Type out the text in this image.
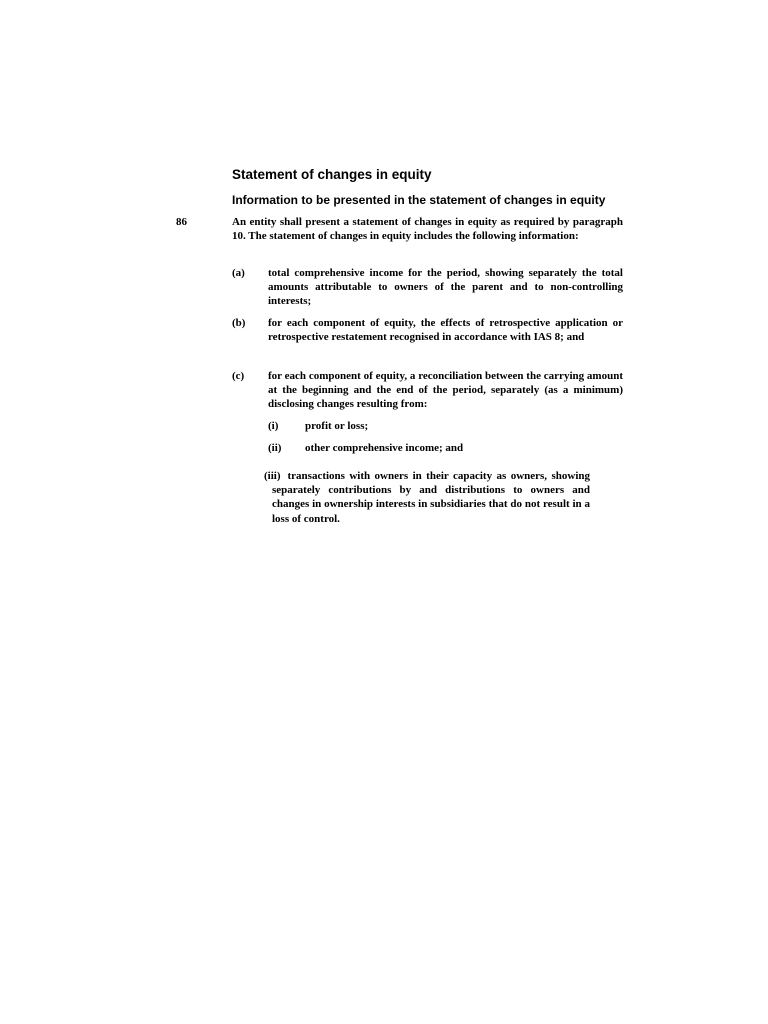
Statement of changes in equity
Information to be presented in the statement of changes in equity
86	An entity shall present a statement of changes in equity as required by paragraph 10. The statement of changes in equity includes the following information:

(a) total comprehensive income for the period, showing separately the total amounts attributable to owners of the parent and to non-controlling interests;

(b) for each component of equity, the effects of retrospective application or retrospective restatement recognised in accordance with IAS 8; and

(c) for each component of equity, a reconciliation between the carrying amount at the beginning and the end of the period, separately (as a minimum) disclosing changes resulting from:

(i) profit or loss;

(ii) other comprehensive income; and

(iii) transactions with owners in their capacity as owners, showing separately contributions by and distributions to owners and changes in ownership interests in subsidiaries that do not result in a loss of control.
